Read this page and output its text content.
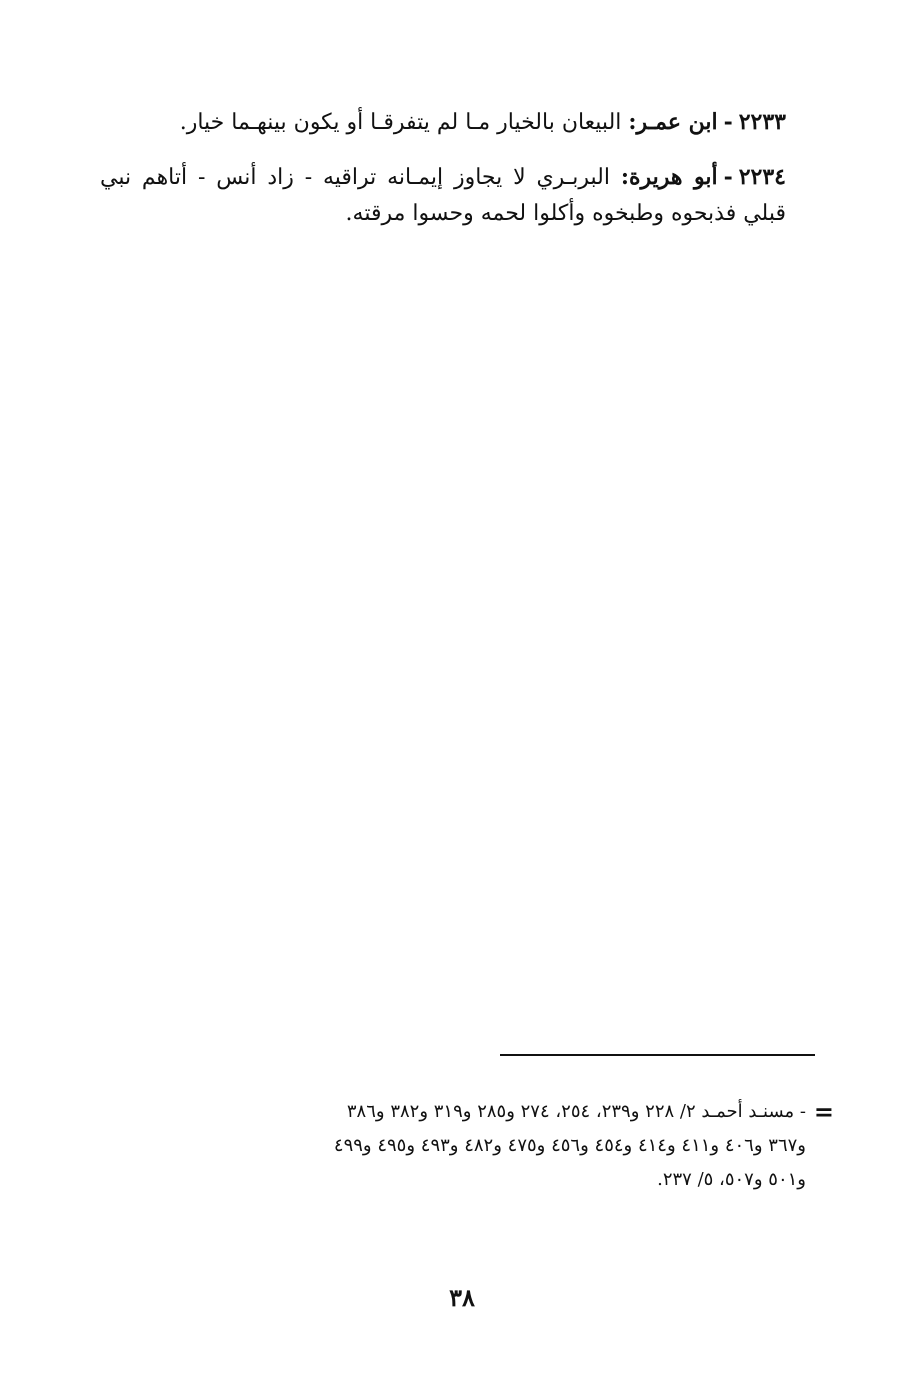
٢٢٣٣-ابن عمـر: البيعان بالخيار مـا لم يتفرقـا أو يكون بينهـما خيار.

٢٢٣٤-أبو هريرة: البربـري لا يجاوز إيمـانه تراقيه - زاد أنس - أتاهم نبي قبلي فذبحوه وطبخوه وأكلوا لحمه وحسوا مرقته.

=
- مسنـد أحمـد ٢/ ٢٢٨ و٢٣٩، ٢٥٤، ٢٧٤ و٢٨٥ و٣١٩ و٣٨٢ و٣٨٦
و٣٦٧ و٤٠٦ و٤١١ و٤١٤ و٤٥٤ و٤٥٦ و٤٧٥ و٤٨٢ و٤٩٣ و٤٩٥ و٤٩٩
و٥٠١ و٥٠٧، ٥/ ٢٣٧.
٣٨
